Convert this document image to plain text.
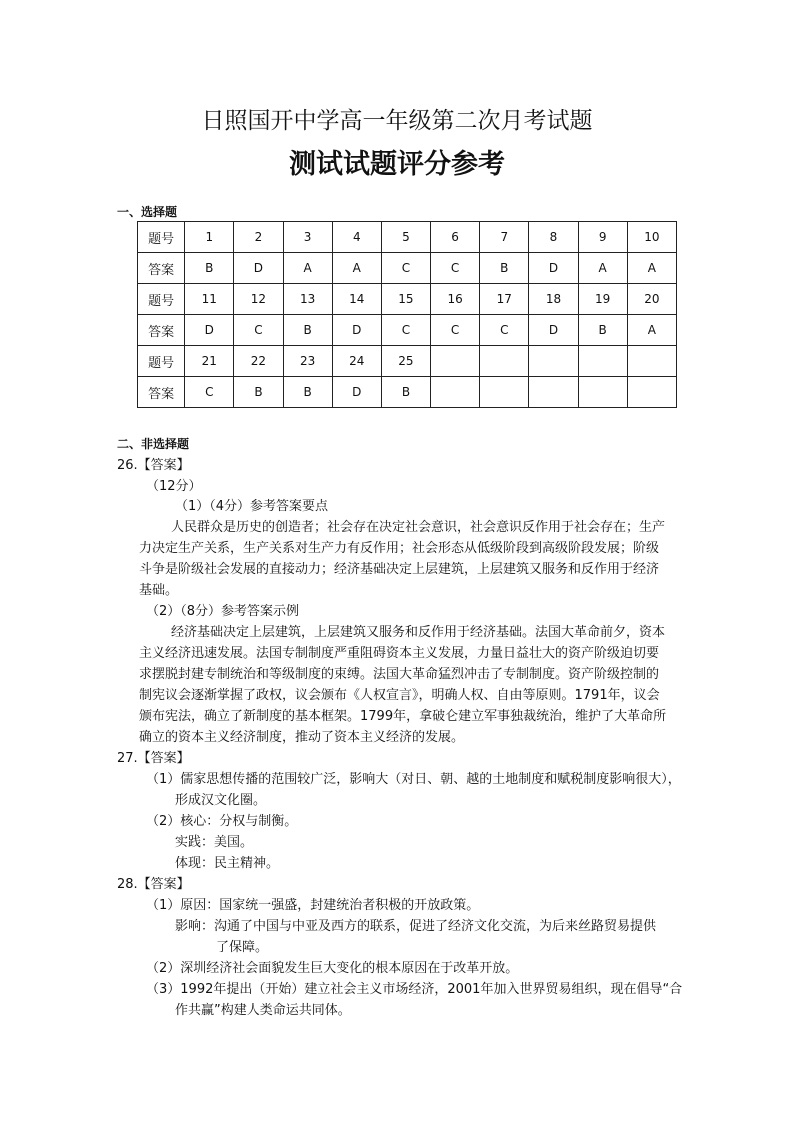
日照国开中学高一年级第二次月考试题
测试试题评分参考
一、选择题
题号	1	2	3	4	5	6	7	8	9	10
答案	B	D	A	A	C	C	B	D	A	A
题号	11	12	13	14	15	16	17	18	19	20
答案	D	C	B	D	C	C	C	D	B	A
题号	21	22	23	24	25					
答案	C	B	B	D	B					
二、非选择题
26.【答案】
（12分）
（1）（4分）参考答案要点
人民群众是历史的创造者；社会存在决定社会意识，社会意识反作用于社会存在；生产
力决定生产关系，生产关系对生产力有反作用；社会形态从低级阶段到高级阶段发展；阶级
斗争是阶级社会发展的直接动力；经济基础决定上层建筑，上层建筑又服务和反作用于经济
基础。
（2）（8分）参考答案示例
经济基础决定上层建筑，上层建筑又服务和反作用于经济基础。法国大革命前夕，资本
主义经济迅速发展。法国专制制度严重阻碍资本主义发展，力量日益壮大的资产阶级迫切要
求摆脱封建专制统治和等级制度的束缚。法国大革命猛烈冲击了专制制度。资产阶级控制的
制宪议会逐渐掌握了政权，议会颁布《人权宣言》，明确人权、自由等原则。1791年，议会
颁布宪法，确立了新制度的基本框架。1799年，拿破仑建立军事独裁统治，维护了大革命所
确立的资本主义经济制度，推动了资本主义经济的发展。
27.【答案】
（1）儒家思想传播的范围较广泛，影响大（对日、朝、越的土地制度和赋税制度影响很大），
形成汉文化圈。
（2）核心：分权与制衡。
实践：美国。
体现：民主精神。
28.【答案】
（1）原因：国家统一强盛，封建统治者积极的开放政策。
影响：沟通了中国与中亚及西方的联系，促进了经济文化交流，为后来丝路贸易提供
了保障。
（2）深圳经济社会面貌发生巨大变化的根本原因在于改革开放。
（3）1992年提出（开始）建立社会主义市场经济，2001年加入世界贸易组织，现在倡导“合
作共赢”构建人类命运共同体。
